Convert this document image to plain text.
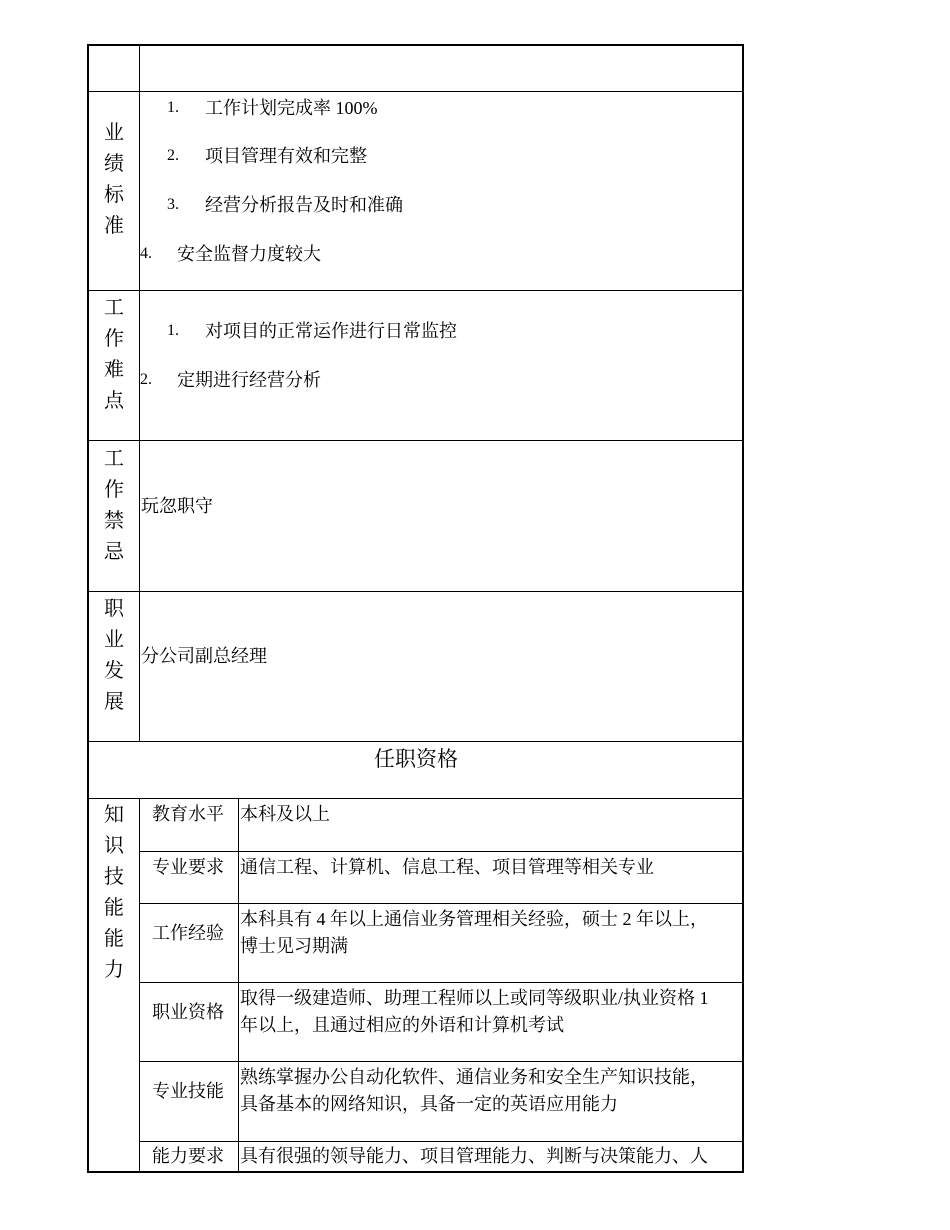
业
绩
标
准
1. 工作计划完成率 100%
2. 项目管理有效和完整
3. 经营分析报告及时和准确
4. 安全监督力度较大
工
作
难
点
1. 对项目的正常运作进行日常监控
2. 定期进行经营分析
工
作
禁
忌
玩忽职守
职
业
发
展
分公司副总经理
任职资格
知
识
技
能
能
力
教育水平 本科及以上
专业要求 通信工程、计算机、信息工程、项目管理等相关专业
工作经验
本科具有 4 年以上通信业务管理相关经验，硕士 2 年以上，博士见习期满
职业资格
取得一级建造师、助理工程师以上或同等级职业/执业资格 1 年以上，且通过相应的外语和计算机考试
专业技能
熟练掌握办公自动化软件、通信业务和安全生产知识技能，具备基本的网络知识，具备一定的英语应用能力
能力要求 具有很强的领导能力、项目管理能力、判断与决策能力、人
